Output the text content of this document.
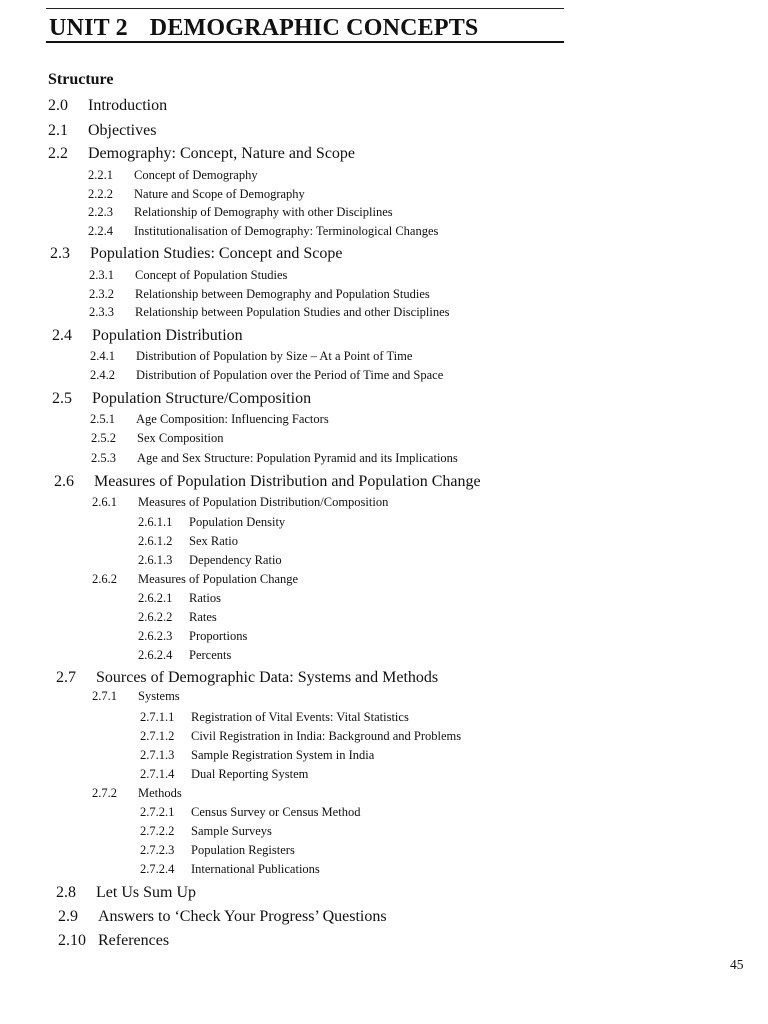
UNIT 2 DEMOGRAPHIC CONCEPTS
Structure
2.0 Introduction
2.1 Objectives
2.2 Demography: Concept, Nature and Scope
2.2.1 Concept of Demography
2.2.2 Nature and Scope of Demography
2.2.3 Relationship of Demography with other Disciplines
2.2.4 Institutionalisation of Demography: Terminological Changes
2.3 Population Studies: Concept and Scope
2.3.1 Concept of Population Studies
2.3.2 Relationship between Demography and Population Studies
2.3.3 Relationship between Population Studies and other Disciplines
2.4 Population Distribution
2.4.1 Distribution of Population by Size – At a Point of Time
2.4.2 Distribution of Population over the Period of Time and Space
2.5 Population Structure/Composition
2.5.1 Age Composition: Influencing Factors
2.5.2 Sex Composition
2.5.3 Age and Sex Structure: Population Pyramid and its Implications
2.6 Measures of Population Distribution and Population Change
2.6.1 Measures of Population Distribution/Composition
2.6.1.1 Population Density
2.6.1.2 Sex Ratio
2.6.1.3 Dependency Ratio
2.6.2 Measures of Population Change
2.6.2.1 Ratios
2.6.2.2 Rates
2.6.2.3 Proportions
2.6.2.4 Percents
2.7 Sources of Demographic Data: Systems and Methods
2.7.1 Systems
2.7.1.1 Registration of Vital Events: Vital Statistics
2.7.1.2 Civil Registration in India: Background and Problems
2.7.1.3 Sample Registration System in India
2.7.1.4 Dual Reporting System
2.7.2 Methods
2.7.2.1 Census Survey or Census Method
2.7.2.2 Sample Surveys
2.7.2.3 Population Registers
2.7.2.4 International Publications
2.8 Let Us Sum Up
2.9 Answers to ‘Check Your Progress’ Questions
2.10 References
45
